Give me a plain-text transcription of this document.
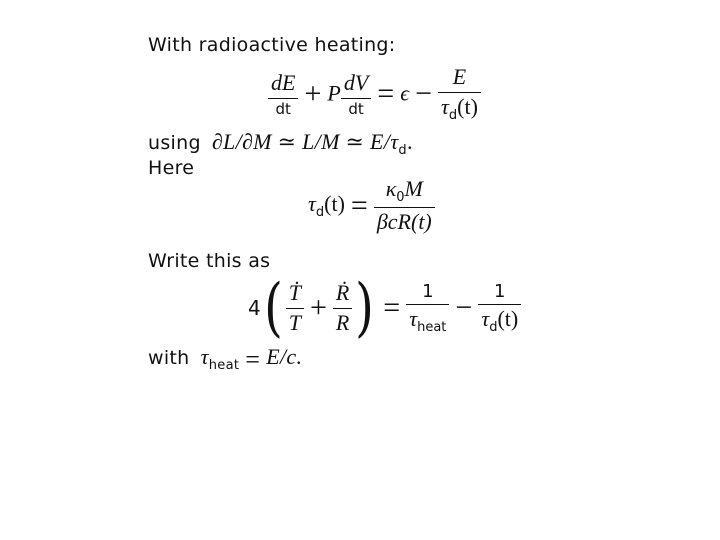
With radioactive heating:
$\frac{dE}{dt} + P \frac{dV}{dt} = \epsilon - \frac{E}{\tau_d(t)}$
using ∂L/∂M ≃ L/M ≃ $E/\tau_d$.
Here
$\tau_d(t) = \frac{\kappa_0M}{\text{βcR(t)}}$
Write this as
$4( \frac{\text{Ṫ}}{T} + \frac{\text{Ṙ}}{R}$ ) = $\frac{1}{\tau_{heat}} - \frac{1}{\tau_d(t)}$
with $\tau_{heat} = E/c$.
